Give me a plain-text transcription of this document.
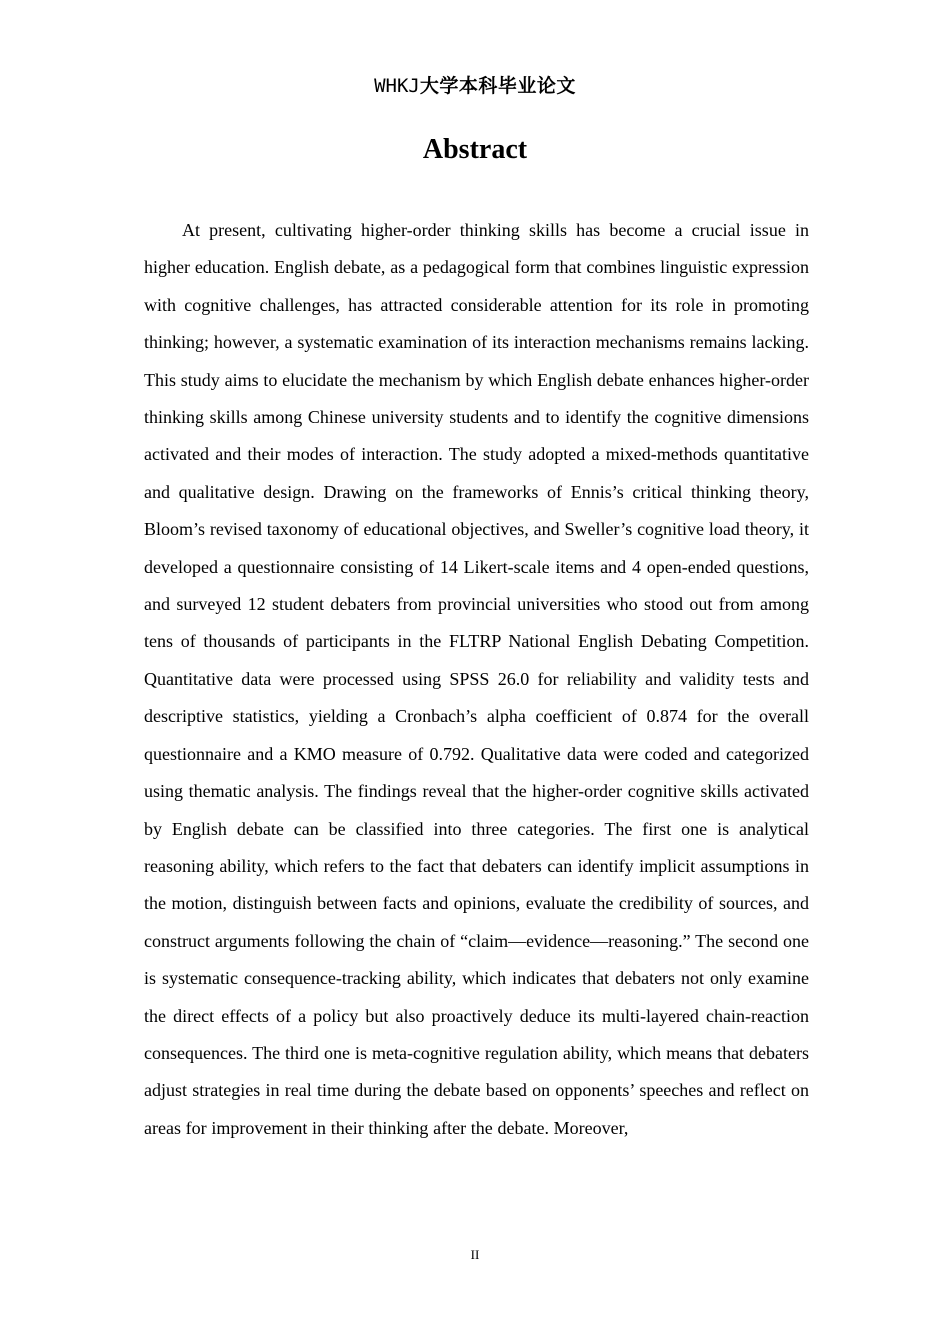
WHKJ大学本科毕业论文
Abstract

At present, cultivating higher-order thinking skills has become a crucial issue in higher education. English debate, as a pedagogical form that combines linguistic expression with cognitive challenges, has attracted considerable attention for its role in promoting thinking; however, a systematic examination of its interaction mechanisms remains lacking. This study aims to elucidate the mechanism by which English debate enhances higher-order thinking skills among Chinese university students and to identify the cognitive dimensions activated and their modes of interaction. The study adopted a mixed-methods quantitative and qualitative design. Drawing on the frameworks of Ennis’s critical thinking theory, Bloom’s revised taxonomy of educational objectives, and Sweller’s cognitive load theory, it developed a questionnaire consisting of 14 Likert-scale items and 4 open-ended questions, and surveyed 12 student debaters from provincial universities who stood out from among tens of thousands of participants in the FLTRP National English Debating Competition. Quantitative data were processed using SPSS 26.0 for reliability and validity tests and descriptive statistics, yielding a Cronbach’s alpha coefficient of 0.874 for the overall questionnaire and a KMO measure of 0.792. Qualitative data were coded and categorized using thematic analysis. The findings reveal that the higher-order cognitive skills activated by English debate can be classified into three categories. The first one is analytical reasoning ability, which refers to the fact that debaters can identify implicit assumptions in the motion, distinguish between facts and opinions, evaluate the credibility of sources, and construct arguments following the chain of “claim—evidence—reasoning.” The second one is systematic consequence-tracking ability, which indicates that debaters not only examine the direct effects of a policy but also proactively deduce its multi-layered chain-reaction consequences. The third one is meta-cognitive regulation ability, which means that debaters adjust strategies in real time during the debate based on opponents’ speeches and reflect on areas for improvement in their thinking after the debate. Moreover,

II
